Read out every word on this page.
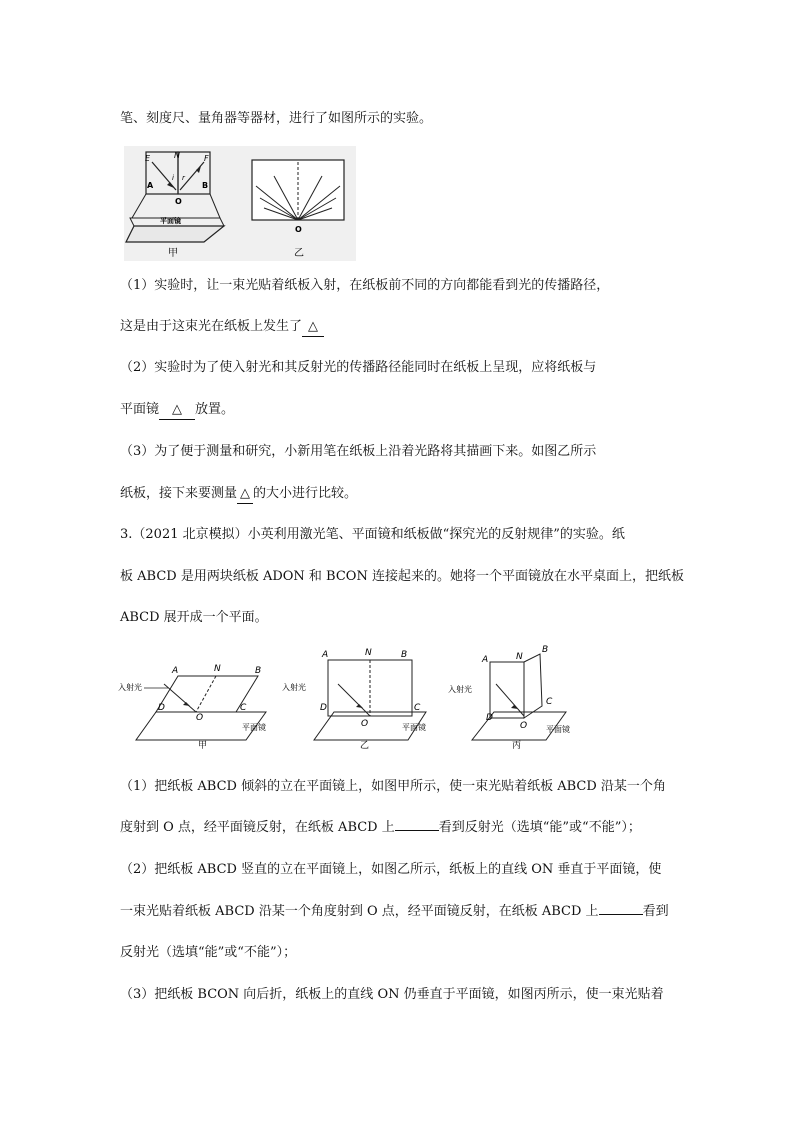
笔、刻度尺、量角器等器材，进行了如图所示的实验。
E	N	F
A	B
i r
O
平面镜
甲
O
乙
（1）实验时，让一束光贴着纸板入射，在纸板前不同的方向都能看到光的传播路径，
这是由于这束光在纸板上发生了 △
（2）实验时为了使入射光和其反射光的传播路径能同时在纸板上呈现，应将纸板与
平面镜 △ 放置。
（3）为了便于测量和研究，小新用笔在纸板上沿着光路将其描画下来。如图乙所示
纸板，接下来要测量 △ 的大小进行比较。
3.（2021 北京模拟）小英利用激光笔、平面镜和纸板做“探究光的反射规律”的实验。纸
板 ABCD 是用两块纸板 ADON 和 BCON 连接起来的。她将一个平面镜放在水平桌面上，把纸板
ABCD 展开成一个平面。
A	N	B
D
O
C
入射光
平面镜
甲
A	N	B
D
O
C
入射光
平面镜
乙
A	N
B
D
O
C
入射光
平面镜
丙
（1）把纸板 ABCD 倾斜的立在平面镜上，如图甲所示，使一束光贴着纸板 ABCD 沿某一个角
度射到 O 点，经平面镜反射，在纸板 ABCD 上	看到反射光（选填“能”或“不能”）；
（2）把纸板 ABCD 竖直的立在平面镜上，如图乙所示，纸板上的直线 ON 垂直于平面镜，使
一束光贴着纸板 ABCD 沿某一个角度射到 O 点，经平面镜反射，在纸板 ABCD 上	看到
反射光（选填“能”或“不能”）；
（3）把纸板 BCON 向后折，纸板上的直线 ON 仍垂直于平面镜，如图丙所示，使一束光贴着
